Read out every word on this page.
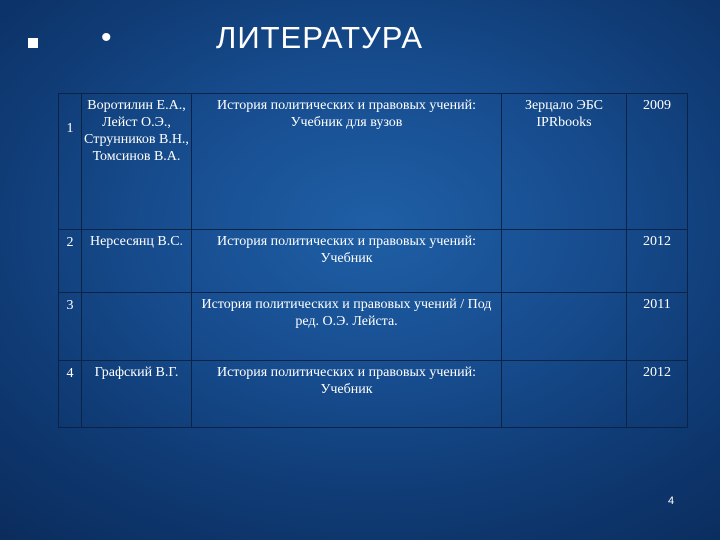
•	ЛИТЕРАТУРА
1	Воротилин Е.А., Лейст О.Э., Струнников В.Н., Томсинов В.А.	История политических и правовых учений: Учебник для вузов	Зерцало ЭБС IPRbooks	2009
2	Нерсесянц В.С.	История политических и правовых учений: Учебник		2012
3		История политических и правовых учений / Под ред. О.Э. Лейста.		2011
4	Графский В.Г.	История политических и правовых учений: Учебник		2012
4
